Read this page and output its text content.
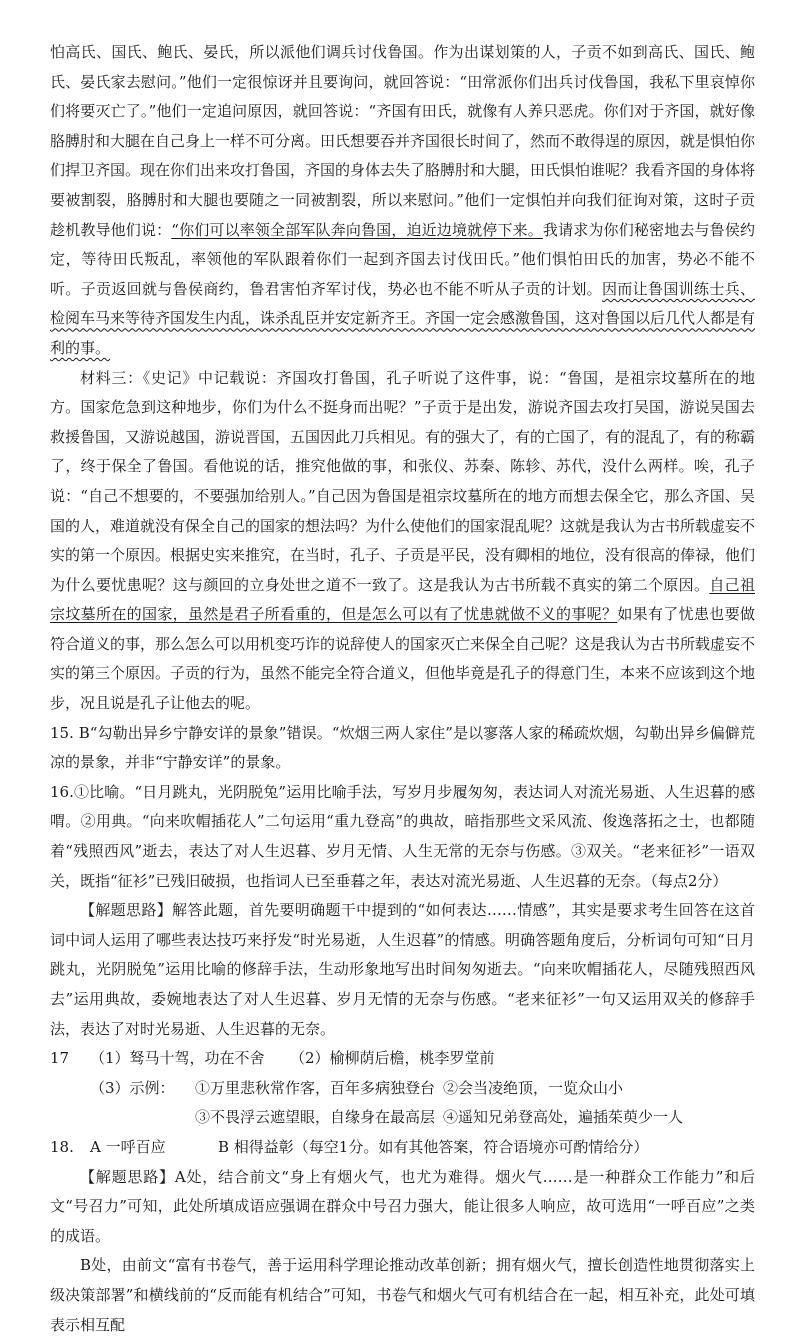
怕高氏、国氏、鲍氏、晏氏，所以派他们调兵讨伐鲁国。作为出谋划策的人，子贡不如到高氏、国氏、鲍氏、晏氏家去慰问。”他们一定很惊讶并且要询问，就回答说：“田常派你们出兵讨伐鲁国，我私下里哀悼你们将要灭亡了。”他们一定追问原因，就回答说：“齐国有田氏，就像有人养只恶虎。你们对于齐国，就好像胳膊肘和大腿在自己身上一样不可分离。田氏想要吞并齐国很长时间了，然而不敢得逞的原因，就是惧怕你们捍卫齐国。现在你们出来攻打鲁国，齐国的身体去失了胳膊肘和大腿，田氏惧怕谁呢？我看齐国的身体将要被割裂，胳膊肘和大腿也要随之一同被割裂，所以来慰问。”他们一定惧怕并向我们征询对策，这时子贡趁机教导他们说：“你们可以率领全部军队奔向鲁国，迫近边境就停下来。我请求为你们秘密地去与鲁侯约定，等待田氏叛乱，率领他的军队跟着你们一起到齐国去讨伐田氏。”他们惧怕田氏的加害，势必不能不听。子贡返回就与鲁侯商约，鲁君害怕齐军讨伐，势必也不能不听从子贡的计划。因而让鲁国训练士兵、检阅车马来等待齐国发生内乱，诛杀乱臣并安定新齐王。齐国一定会感激鲁国，这对鲁国以后几代人都是有利的事。

材料三：《史记》中记载说：齐国攻打鲁国，孔子听说了这件事，说：“鲁国，是祖宗坟墓所在的地方。国家危急到这种地步，你们为什么不挺身而出呢？”子贡于是出发，游说齐国去攻打吴国，游说吴国去救援鲁国，又游说越国，游说晋国，五国因此刀兵相见。有的强大了，有的亡国了，有的混乱了，有的称霸了，终于保全了鲁国。看他说的话，推究他做的事，和张仪、苏秦、陈轸、苏代，没什么两样。唉，孔子说：“自己不想要的，不要强加给别人。”自己因为鲁国是祖宗坟墓所在的地方而想去保全它，那么齐国、吴国的人，难道就没有保全自己的国家的想法吗？为什么使他们的国家混乱呢？这就是我认为古书所载虚妄不实的第一个原因。根据史实来推究，在当时，孔子、子贡是平民，没有卿相的地位，没有很高的俸禄，他们为什么要忧患呢？这与颜回的立身处世之道不一致了。这是我认为古书所载不真实的第二个原因。自己祖宗坟墓所在的国家，虽然是君子所看重的，但是怎么可以有了忧患就做不义的事呢？如果有了忧患也要做符合道义的事，那么怎么可以用机变巧诈的说辞使人的国家灭亡来保全自己呢？这是我认为古书所载虚妄不实的第三个原因。子贡的行为，虽然不能完全符合道义，但他毕竟是孔子的得意门生，本来不应该到这个地步，况且说是孔子让他去的呢。

15. B“勾勒出异乡宁静安详的景象”错误。“炊烟三两人家住”是以寥落人家的稀疏炊烟，勾勒出异乡偏僻荒凉的景象，并非“宁静安详”的景象。

16.①比喻。“日月跳丸，光阴脱兔”运用比喻手法，写岁月步履匆匆，表达词人对流光易逝、人生迟暮的感喟。②用典。“向来吹帽插花人”二句运用“重九登高”的典故，暗指那些文采风流、俊逸落拓之士，也都随着“残照西风”逝去，表达了对人生迟暮、岁月无情、人生无常的无奈与伤感。③双关。“老来征衫”一语双关，既指“征衫”已残旧破损，也指词人已至垂暮之年，表达对流光易逝、人生迟暮的无奈。（每点2分）

【解题思路】解答此题，首先要明确题干中提到的“如何表达……情感”，其实是要求考生回答在这首词中词人运用了哪些表达技巧来抒发“时光易逝，人生迟暮”的情感。明确答题角度后，分析词句可知“日月跳丸，光阴脱兔”运用比喻的修辞手法，生动形象地写出时间匆匆逝去。“向来吹帽插花人，尽随残照西风去”运用典故，委婉地表达了对人生迟暮、岁月无情的无奈与伤感。“老来征衫”一句又运用双关的修辞手法，表达了对时光易逝、人生迟暮的无奈。

17	（1）驽马十驾，功在不舍	（2）榆柳荫后檐，桃李罗堂前
（3）示例：	①万里悲秋常作客，百年多病独登台 ②会当凌绝顶，一览众山小
③不畏浮云遮望眼，自缘身在最高层 ④遥知兄弟登高处，遍插茱萸少一人
18.	A 一呼百应	B 相得益彰（每空1分。如有其他答案，符合语境亦可酌情给分）

【解题思路】A处，结合前文“身上有烟火气，也尤为难得。烟火气……是一种群众工作能力”和后文“号召力”可知，此处所填成语应强调在群众中号召力强大，能让很多人响应，故可选用“一呼百应”之类的成语。

B处，由前文“富有书卷气，善于运用科学理论推动改革创新；拥有烟火气，擅长创造性地贯彻落实上级决策部署”和横线前的“反而能有机结合”可知，书卷气和烟火气可有机结合在一起，相互补充，此处可填表示相互配
